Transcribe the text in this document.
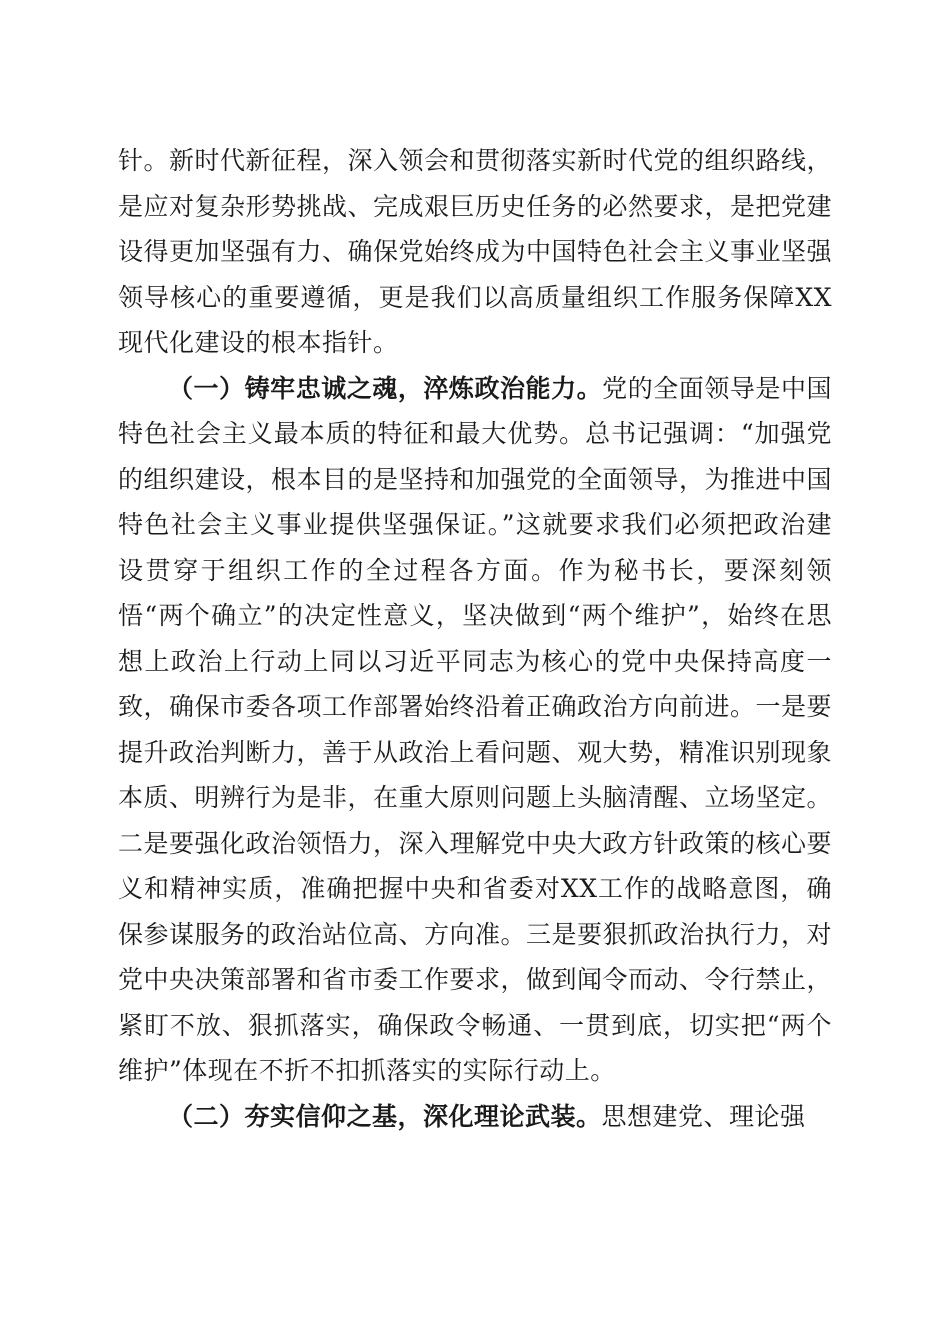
针。新时代新征程，深入领会和贯彻落实新时代党的组织路线，是应对复杂形势挑战、完成艰巨历史任务的必然要求，是把党建设得更加坚强有力、确保党始终成为中国特色社会主义事业坚强领导核心的重要遵循，更是我们以高质量组织工作服务保障XX现代化建设的根本指针。

（一）铸牢忠诚之魂，淬炼政治能力。党的全面领导是中国特色社会主义最本质的特征和最大优势。总书记强调：“加强党的组织建设，根本目的是坚持和加强党的全面领导，为推进中国特色社会主义事业提供坚强保证。”这就要求我们必须把政治建设贯穿于组织工作的全过程各方面。作为秘书长，要深刻领悟“两个确立”的决定性意义，坚决做到“两个维护”，始终在思想上政治上行动上同以习近平同志为核心的党中央保持高度一致，确保市委各项工作部署始终沿着正确政治方向前进。一是要提升政治判断力，善于从政治上看问题、观大势，精准识别现象本质、明辨行为是非，在重大原则问题上头脑清醒、立场坚定。二是要强化政治领悟力，深入理解党中央大政方针政策的核心要义和精神实质，准确把握中央和省委对XX工作的战略意图，确保参谋服务的政治站位高、方向准。三是要狠抓政治执行力，对党中央决策部署和省市委工作要求，做到闻令而动、令行禁止，紧盯不放、狠抓落实，确保政令畅通、一贯到底，切实把“两个维护”体现在不折不扣抓落实的实际行动上。

（二）夯实信仰之基，深化理论武装。思想建党、理论强
